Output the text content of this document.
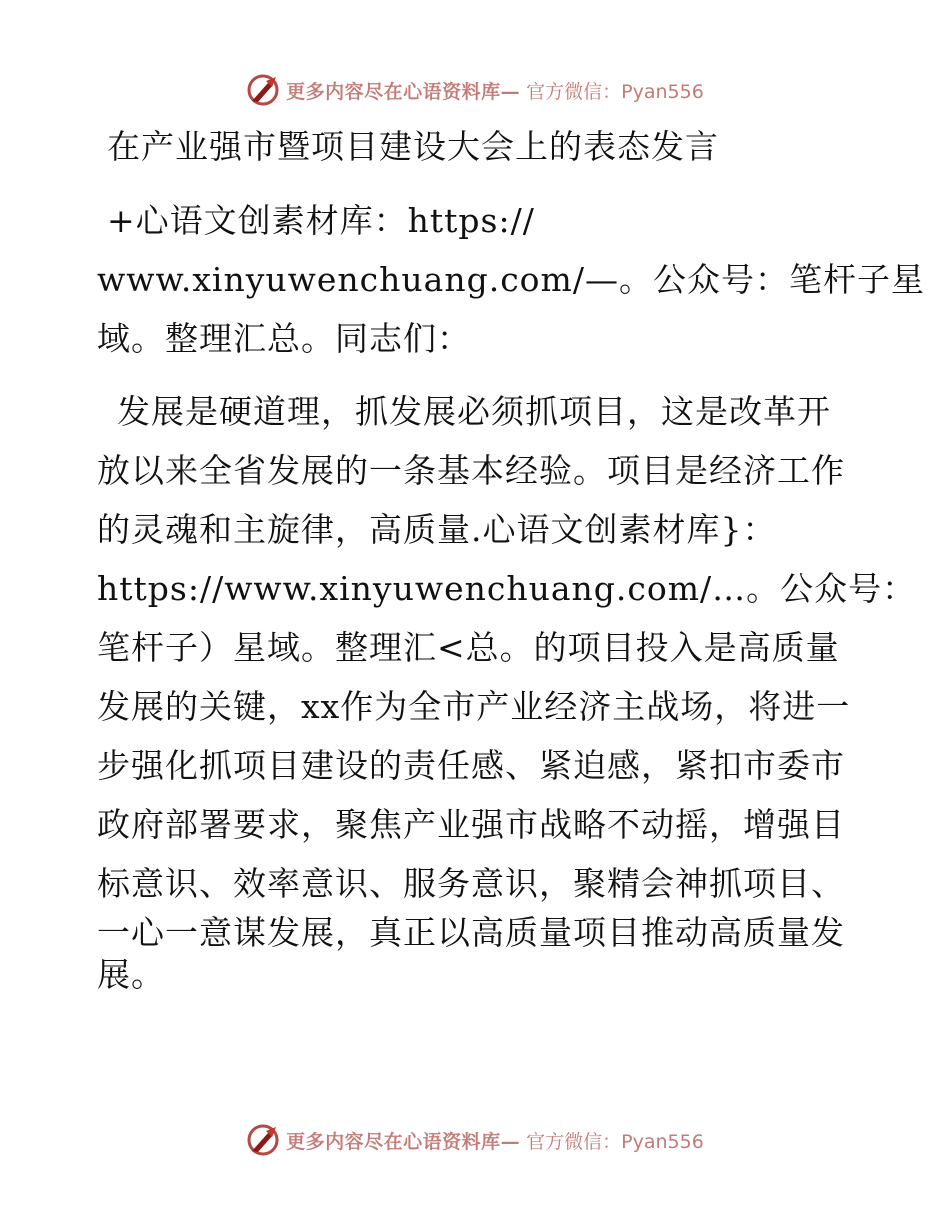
更多内容尽在心语资料库— 官方微信：Pyan556
在产业强市暨项目建设大会上的表态发言
+心语文创素材库：https://
www.xinyuwenchuang.com/—。公众号：笔杆子星
域。整理汇总。同志们：
发展是硬道理，抓发展必须抓项目，这是改革开
放以来全省发展的一条基本经验。项目是经济工作
的灵魂和主旋律，高质量.心语文创素材库}：
https://www.xinyuwenchuang.com/…。公众号：
笔杆子）星域。整理汇<总。的项目投入是高质量
发展的关键，xx作为全市产业经济主战场，将进一
步强化抓项目建设的责任感、紧迫感，紧扣市委市
政府部署要求，聚焦产业强市战略不动摇，增强目
标意识、效率意识、服务意识，聚精会神抓项目、
一心一意谋发展，真正以高质量项目推动高质量发
展。
更多内容尽在心语资料库— 官方微信：Pyan556
